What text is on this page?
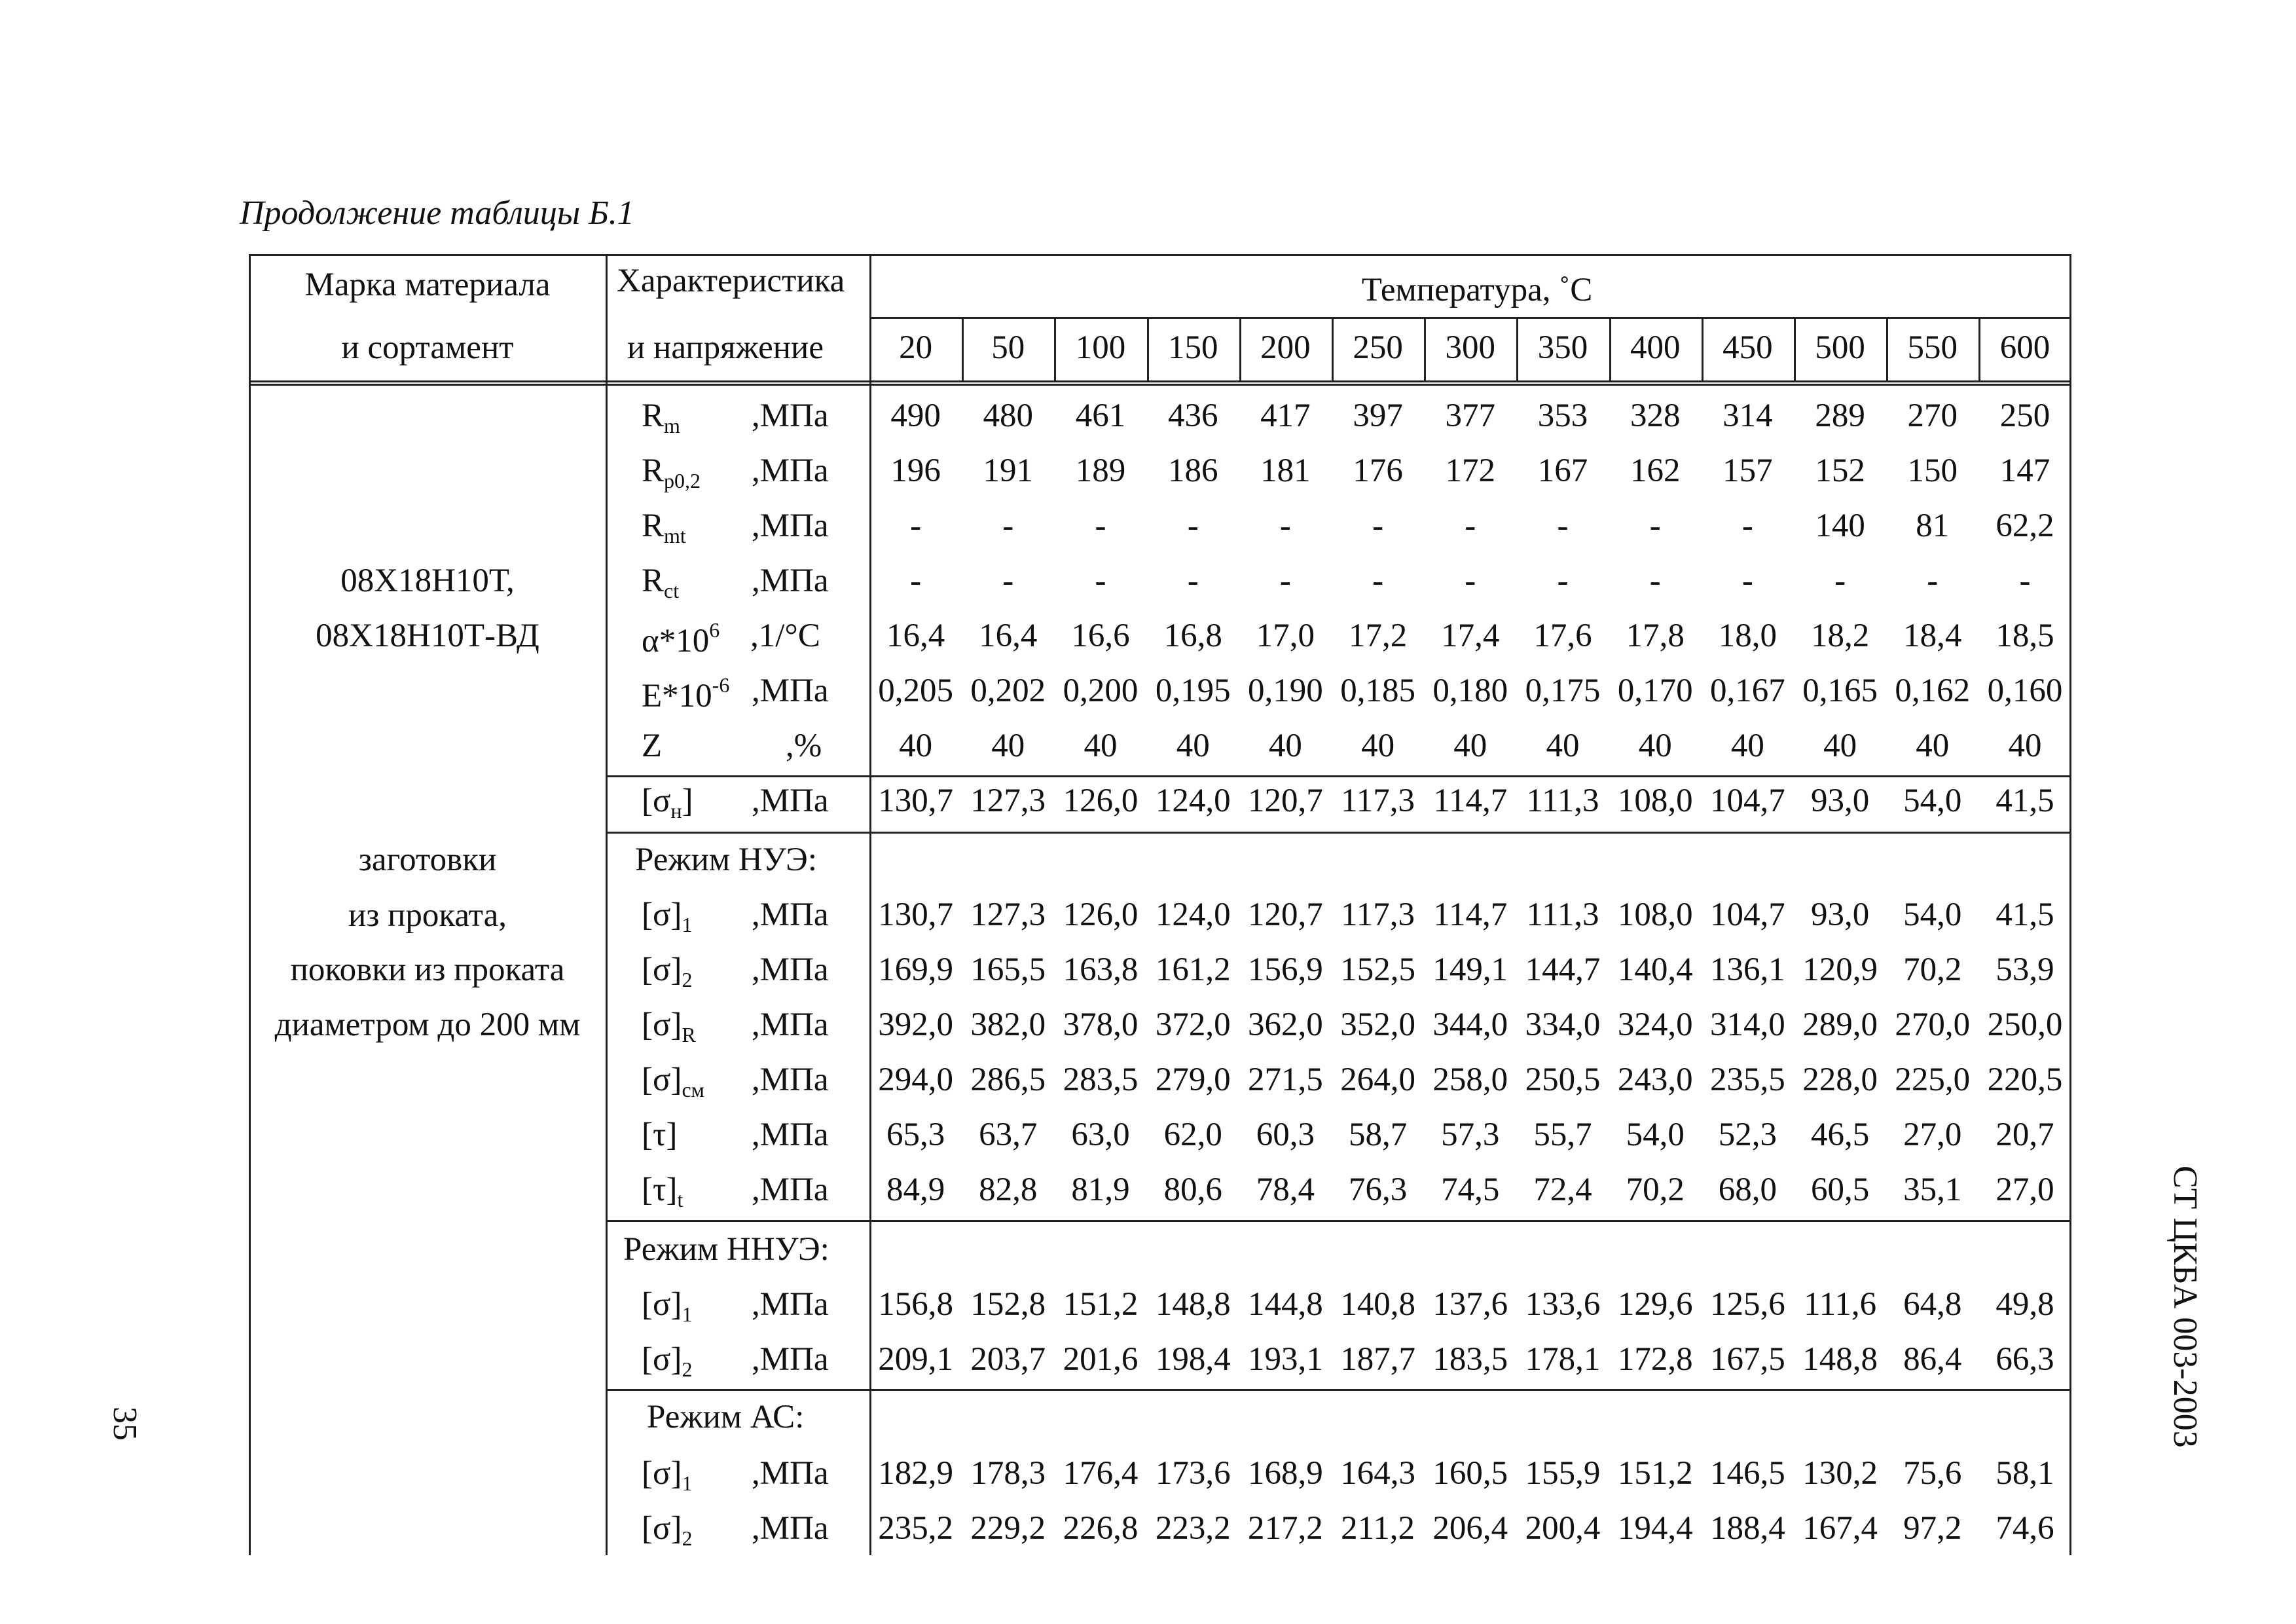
Продолжение таблицы Б.1
Марка материала
и сортамент
Характеристика
и напряжение
Температура, ˚С
20 50 100 150 200 250 300 350 400 450 500 550 600
08Х18Н10Т,
08Х18Н10Т-ВД
заготовки
из проката,
поковки из проката
диаметром до 200 мм
Режим НУЭ:
Режим ННУЭ:
Режим АС:
$R_m$ ,МПа 490 480 461 436 417 397 377 353 328 314 289 270 250
$R_{p0,2}$ ,МПа 196 191 189 186 181 176 172 167 162 157 152 150 147
$R_{mt}$ ,МПа - - - - - - - - - - 140 81 62,2
$R_{ct}$ ,МПа - - - - - - - - - - - - -
$\alpha*10^6$ ,1/°С 16,4 16,4 16,6 16,8 17,0 17,2 17,4 17,6 17,8 18,0 18,2 18,4 18,5
$E*10^{-6}$ ,МПа 0,205 0,202 0,200 0,195 0,190 0,185 0,180 0,175 0,170 0,167 0,165 0,162 0,160
Z	,% 40 40 40 40 40 40 40 40 40 40 40 40 40
$[\sigma_н]$ ,МПа 130,7 127,3 126,0 124,0 120,7 117,3 114,7 111,3 108,0 104,7 93,0 54,0 41,5
$[\sigma]_1$ ,МПа 130,7 127,3 126,0 124,0 120,7 117,3 114,7 111,3 108,0 104,7 93,0 54,0 41,5
$[\sigma]_2$ ,МПа 169,9 165,5 163,8 161,2 156,9 152,5 149,1 144,7 140,4 136,1 120,9 70,2 53,9
$[\sigma]_R$ ,МПа 392,0 382,0 378,0 372,0 362,0 352,0 344,0 334,0 324,0 314,0 289,0 270,0 250,0
$[\sigma]_{см}$ ,МПа 294,0 286,5 283,5 279,0 271,5 264,0 258,0 250,5 243,0 235,5 228,0 225,0 220,5
[τ] ,МПа 65,3 63,7 63,0 62,0 60,3 58,7 57,3 55,7 54,0 52,3 46,5 27,0 20,7
$[\tau]_t$ ,МПа 84,9 82,8 81,9 80,6 78,4 76,3 74,5 72,4 70,2 68,0 60,5 35,1 27,0
$[\sigma]_1$ ,МПа 156,8 152,8 151,2 148,8 144,8 140,8 137,6 133,6 129,6 125,6 111,6 64,8 49,8
$[\sigma]_2$ ,МПа 209,1 203,7 201,6 198,4 193,1 187,7 183,5 178,1 172,8 167,5 148,8 86,4 66,3
$[\sigma]_1$ ,МПа 182,9 178,3 176,4 173,6 168,9 164,3 160,5 155,9 151,2 146,5 130,2 75,6 58,1
$[\sigma]_2$ ,МПа 235,2 229,2 226,8 223,2 217,2 211,2 206,4 200,4 194,4 188,4 167,4 97,2 74,6
35	СТ ЦКБА 003-2003
